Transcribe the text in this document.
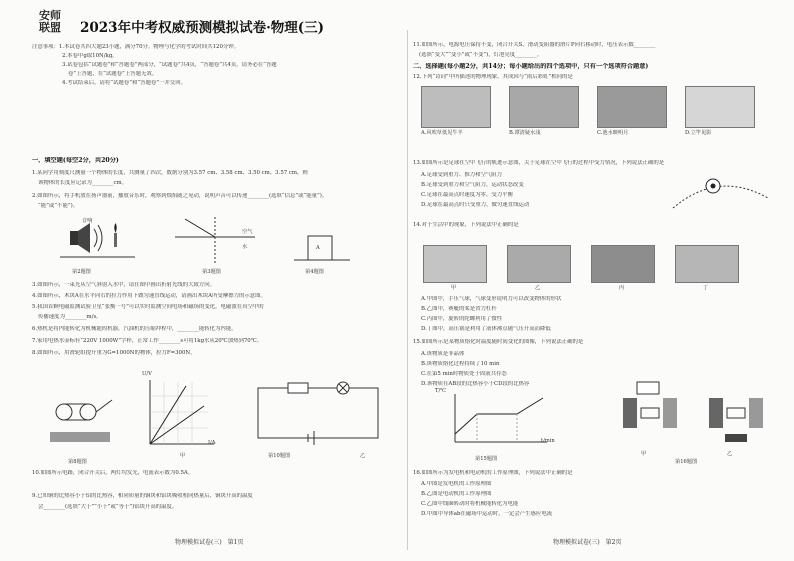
安师
联盟	2023年中考权威预测模拟试卷·物理(三)
注意事项：1.本试卷共四大题23小题，满分70分。物理与化学的考试时间共120分钟。
2.本卷中g取10N/kg。
3.试卷包括“试题卷”和“答题卷”两部分，“试题卷”共4页，“答题卷”共4页，请务必在“答题
卷”上答题，在“试题卷”上答题无效。
4.考试结束后，请将“试题卷”和“答题卷”一并交回。
一、填空题(每空2分，共20分)
1.某同学用刻度尺测量一个物体的长度，共测量了四次，数据分别为3.57 cm、3.58 cm、3.50 cm、3.57 cm，则
该物体的长度应记录为________cm。
2.如图所示，将手机放在扬声器前，播放音乐时，观察到烛焰随之晃动，说明声音可以传递________(选填“信息”或“能量”)。
“能”或“不能”)。
音响
第2题图
空气
水
第3题图
A
第4题图
3.如图所示，一束光从空气斜射入水中，请在图中画出折射光线的大致方向。
4.如图所示，木块A在水平向右的拉力作用下做匀速直线运动，请画出木块A所受摩擦力的示意图。
5.我国首颗电磁监测试验卫星“张衡一号”可以实时监测空间电场和磁场的变化，电磁波在真空中的
传播速度为________m/s。
6.热机是将内能转化为机械能的机器，汽油机的压缩冲程中，________能转化为内能。
7.家用电热水壶标有“220V 1000W”字样，正常工作________s可将1kg水从20℃加热到70℃。
8.如图所示，用滑轮组提升重为G=1000N的物体，拉力F=300N，
第8题图
U/V
I/A
第10题图
甲	乙
9.已知铜的比热容小于铝的比热容，相同质量的铜块和铝块吸收相同热量后，铜块升高的温度
会________(选填“大于”“小于”或“等于”)铝块升高的温度。
10.如图所示电路，闭合开关后，两灯均发光，电流表示数为0.5A。
物理模拟试卷(三)　第1页
11.如图所示，电源电压保持不变，闭合开关S，滑动变阻器的滑片P向右移动时，电压表示数________
(选填“变大”“变小”或“不变”)，灯泡亮度________。
二、选择题(每小题2分，共14分；每小题给出的四个选项中，只有一个选项符合题意)
12.下列“诗词”中所描述的物理现象，其成因与“雨后彩虹”相同的是
A.风吹草低见牛羊	B.潭清疑水浅	C.池水映明月	D.立竿见影
13.如图所示是足球在空中飞行的轨迹示意图，关于足球在空中飞行的过程中受力情况，下列说法正确的是
A.足球受到重力、推力和空气阻力
B.足球受到重力和空气阻力，运动状态改变
C.足球在最高点时速度为零，受力平衡
D.足球在最高点时只受重力，做匀速直线运动
14.对于生活中的现象，下列说法中正确的是
甲	乙	丙	丁
A.甲图中，手压气球，气球变形说明力可以改变物体的形状
B.乙图中，赛艇的桨是省力杠杆
C.丙图中，旋转的陀螺利用了惯性
D.丁图中，高压锅是利用了液体沸点随气压升高而降低
15.如图所示是某物质熔化时温度随时间变化的图像，下列说法正确的是
A.该物质是非晶体
B.该物质熔化过程持续了10 min
C.在第5 min时物质处于固液共存态
D.该物质在AB段的比热容小于CD段的比热容
T/℃
t/min
第15题图
甲	乙
第16题图
16.如图所示为发电机和电动机的工作原理图，下列说法中正确的是
A.甲图是发电机的工作原理图
B.乙图是电动机的工作原理图
C.乙图中线圈转动时将机械能转化为电能
D.甲图中导体ab在磁场中运动时，一定会产生感应电流
物理模拟试卷(三)　第2页
